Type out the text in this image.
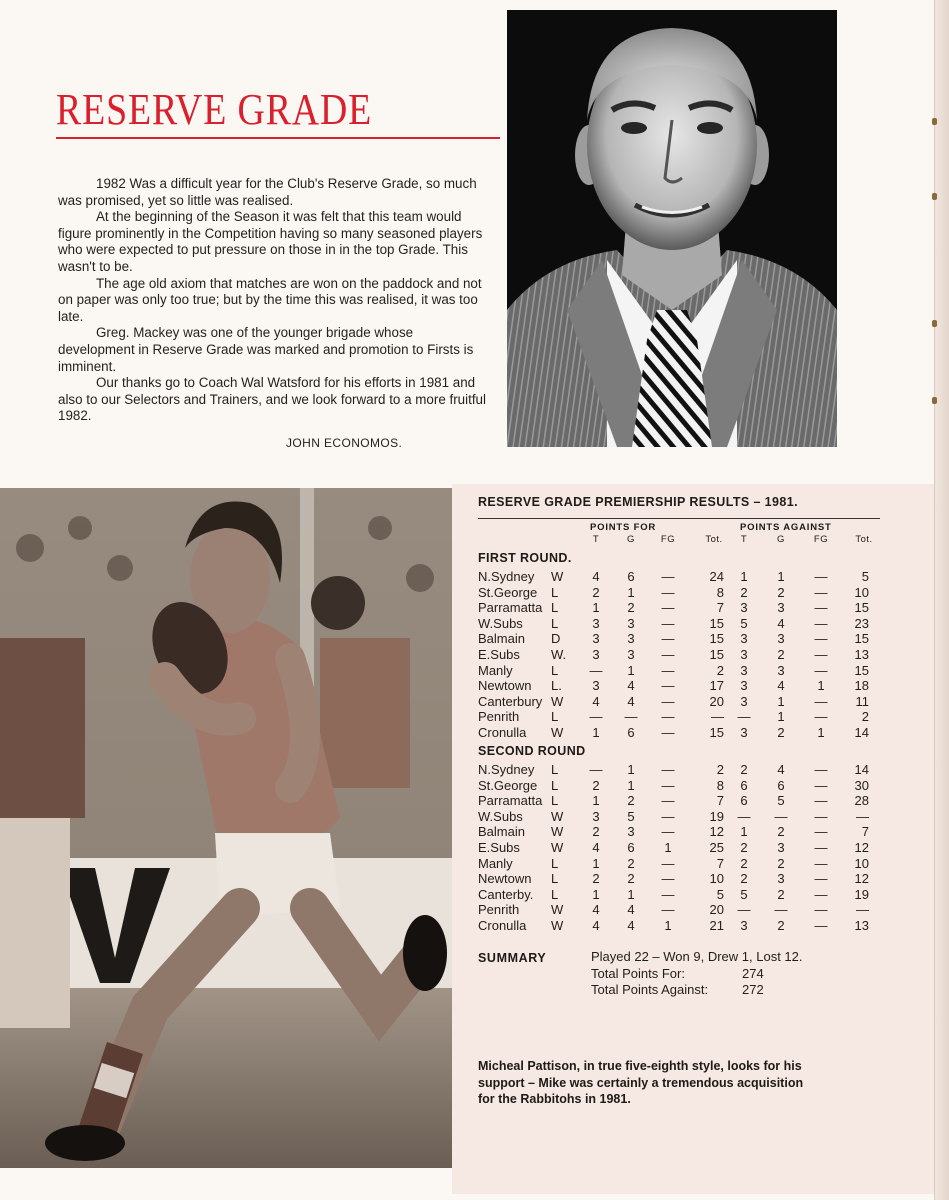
RESERVE GRADE

1982 Was a difficult year for the Club's Reserve Grade, so much was promised, yet so little was realised.

At the beginning of the Season it was felt that this team would figure prominently in the Competition having so many seasoned players who were expected to put pressure on those in in the top Grade. This wasn't to be.

The age old axiom that matches are won on the paddock and not on paper was only too true; but by the time this was realised, it was too late.

Greg. Mackey was one of the younger brigade whose development in Reserve Grade was marked and promotion to Firsts is imminent.

Our thanks go to Coach Wal Watsford for his efforts in 1981 and also to our Selectors and Trainers, and we look forward to a more fruitful 1982.

JOHN ECONOMOS.
RESERVE GRADE PREMIERSHIP RESULTS – 1981.
POINTS FOR	POINTS AGAINST
T	G	FG	Tot.	T	G	FG	Tot.
FIRST ROUND.
N.Sydney W	4	6	—	24	1	1	—	5
St.George L	2	1	—	8	2	2	—	10
Parramatta L	1	2	—	7	3	3	—	15
W.Subs L	3	3	—	15	5	4	—	23
Balmain D	3	3	—	15	3	3	—	15
E.Subs W.	3	3	—	15	3	2	—	13
Manly	L	—	1	—	2	3	3	—	15
Newtown L.	3	4	—	17	3	4	1	18
Canterbury W	4	4	—	20	3	1	—	11
Penrith L	—	—	—	—	—	1	—	2
Cronulla W	1	6	—	15	3	2	1	14
SECOND ROUND
N.Sydney L	—	1	—	2	2	4	—	14
St.George L	2	1	—	8	6	6	—	30
Parramatta L	1	2	—	7	6	5	—	28
W.Subs W	3	5	—	19	—	—	—	—
Balmain W	2	3	—	12	1	2	—	7
E.Subs W	4	6	1	25	2	3	—	12
Manly	L	1	2	—	7	2	2	—	10
Newtown L	2	2	—	10	2	3	—	12
Canterby. L	1	1	—	5	5	2	—	19
Penrith W	4	4	—	20	—	—	—	—
Cronulla W	4	4	1	21	3	2	—	13
SUMMARY	Played 22 – Won 9, Drew 1, Lost 12.
Total Points For:	274
Total Points Against:	272
Micheal Pattison, in true five-eighth style, looks for his support – Mike was certainly a tremendous acquisition for the Rabbitohs in 1981.
